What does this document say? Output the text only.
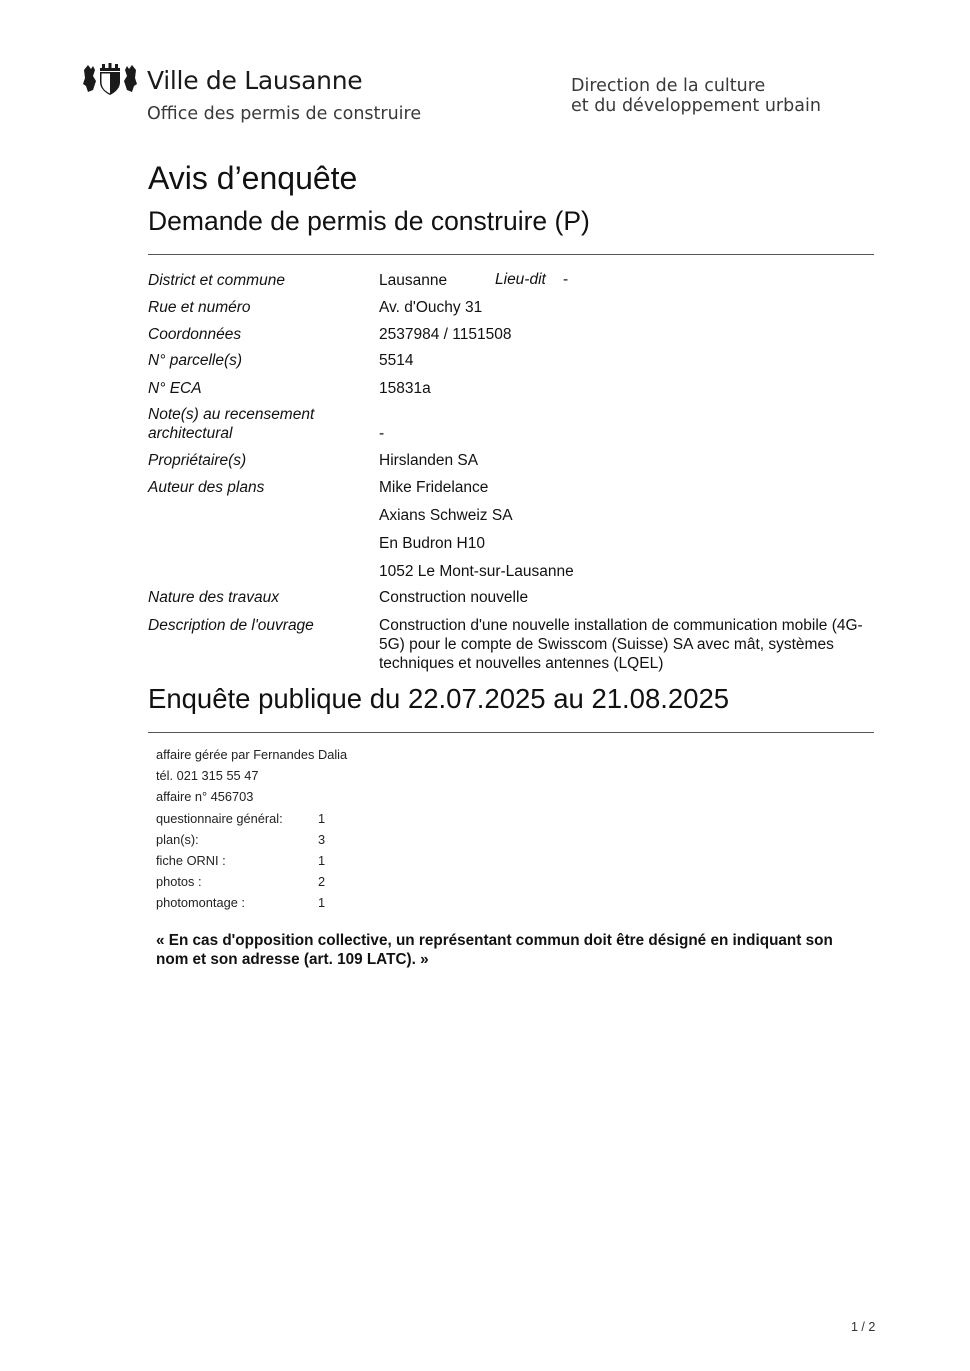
Ville de Lausanne
Office des permis de construire
Direction de la culture
et du développement urbain
Avis d’enquête
Demande de permis de construire (P)
District et commune	Lausanne	Lieu-dit -
Rue et numéro	Av. d'Ouchy 31
Coordonnées	2537984 / 1151508
N° parcelle(s)	5514
N° ECA	15831a
Note(s) au recensement
architectural	-
Propriétaire(s)	Hirslanden SA
Auteur des plans	Mike Fridelance
Axians Schweiz SA
En Budron H10
1052 Le Mont-sur-Lausanne
Nature des travaux	Construction nouvelle
Description de l'ouvrage	Construction d'une nouvelle installation de communication mobile (4G-5G) pour le compte de Swisscom (Suisse) SA avec mât, systèmes techniques et nouvelles antennes (LQEL)
Enquête publique du 22.07.2025 au 21.08.2025
affaire gérée par Fernandes Dalia
tél. 021 315 55 47
affaire n° 456703
questionnaire général:	1
plan(s):	3
fiche ORNI :	1
photos :	2
photomontage :	1
« En cas d'opposition collective, un représentant commun doit être désigné en indiquant son nom et son adresse (art. 109 LATC). »
1 / 2
